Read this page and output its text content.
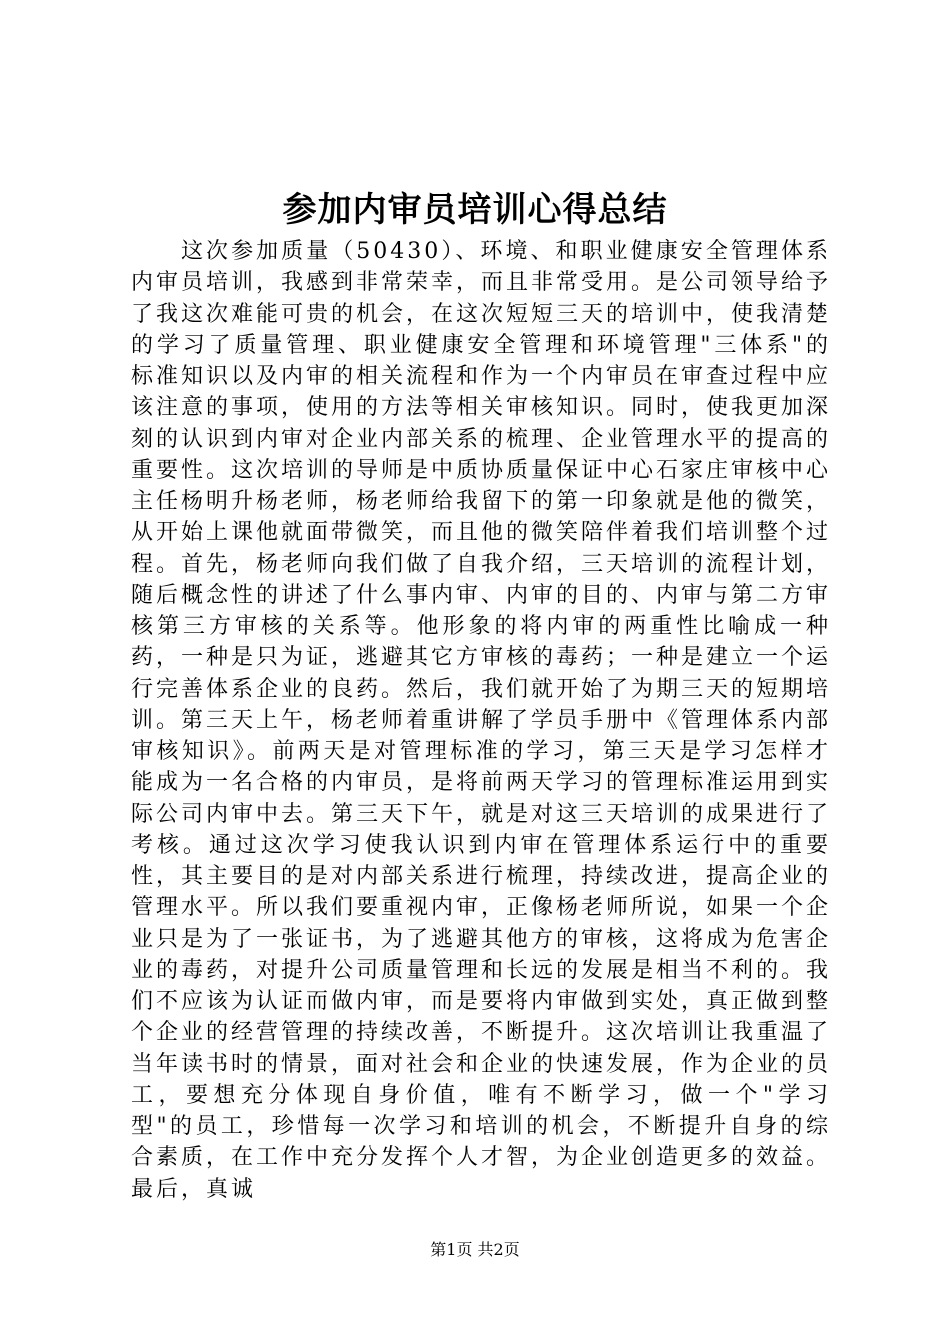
参加内审员培训心得总结
这次参加质量（50430）、环境、和职业健康安全管理体系内审员培训，我感到非常荣幸，而且非常受用。是公司领导给予了我这次难能可贵的机会，在这次短短三天的培训中，使我清楚的学习了质量管理、职业健康安全管理和环境管理"三体系"的标准知识以及内审的相关流程和作为一个内审员在审查过程中应该注意的事项，使用的方法等相关审核知识。同时，使我更加深刻的认识到内审对企业内部关系的梳理、企业管理水平的提高的重要性。这次培训的导师是中质协质量保证中心石家庄审核中心主任杨明升杨老师，杨老师给我留下的第一印象就是他的微笑，从开始上课他就面带微笑，而且他的微笑陪伴着我们培训整个过程。首先，杨老师向我们做了自我介绍，三天培训的流程计划，随后概念性的讲述了什么事内审、内审的目的、内审与第二方审核第三方审核的关系等。他形象的将内审的两重性比喻成一种药，一种是只为证，逃避其它方审核的毒药；一种是建立一个运行完善体系企业的良药。然后，我们就开始了为期三天的短期培训。第三天上午，杨老师着重讲解了学员手册中《管理体系内部审核知识》。前两天是对管理标准的学习，第三天是学习怎样才能成为一名合格的内审员，是将前两天学习的管理标准运用到实际公司内审中去。第三天下午，就是对这三天培训的成果进行了考核。通过这次学习使我认识到内审在管理体系运行中的重要性，其主要目的是对内部关系进行梳理，持续改进，提高企业的管理水平。所以我们要重视内审，正像杨老师所说，如果一个企业只是为了一张证书，为了逃避其他方的审核，这将成为危害企业的毒药，对提升公司质量管理和长远的发展是相当不利的。我们不应该为认证而做内审，而是要将内审做到实处，真正做到整个企业的经营管理的持续改善，不断提升。这次培训让我重温了当年读书时的情景，面对社会和企业的快速发展，作为企业的员工，要想充分体现自身价值，唯有不断学习，做一个"学习型"的员工，珍惜每一次学习和培训的机会，不断提升自身的综合素质，在工作中充分发挥个人才智，为企业创造更多的效益。最后，真诚
第1页 共2页
